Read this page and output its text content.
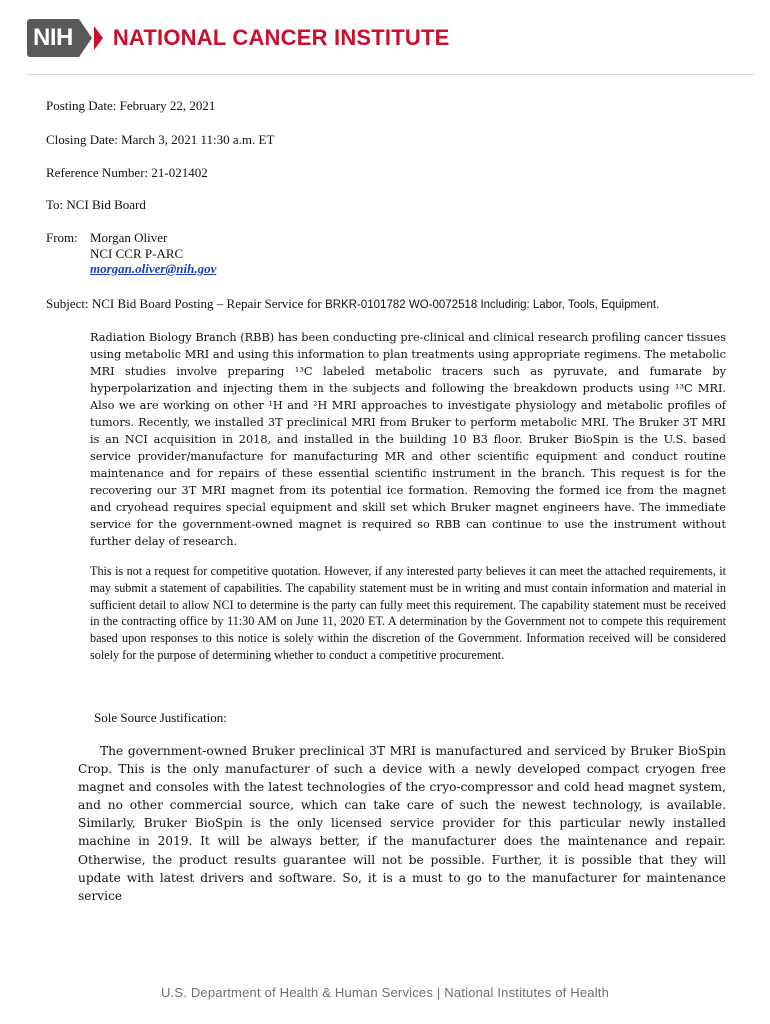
NIH NATIONAL CANCER INSTITUTE
Posting Date: February 22, 2021
Closing Date: March 3, 2021 11:30 a.m. ET
Reference Number: 21-021402
To: NCI Bid Board
From: Morgan Oliver
NCI CCR P-ARC
morgan.oliver@nih.gov
Subject: NCI Bid Board Posting – Repair Service for BRKR-0101782 WO-0072518 Including: Labor, Tools, Equipment.
Radiation Biology Branch (RBB) has been conducting pre-clinical and clinical research profiling cancer tissues using metabolic MRI and using this information to plan treatments using appropriate regimens. The metabolic MRI studies involve preparing ¹³C labeled metabolic tracers such as pyruvate, and fumarate by hyperpolarization and injecting them in the subjects and following the breakdown products using ¹³C MRI. Also we are working on other ¹H and ²H MRI approaches to investigate physiology and metabolic profiles of tumors. Recently, we installed 3T preclinical MRI from Bruker to perform metabolic MRI. The Bruker 3T MRI is an NCI acquisition in 2018, and installed in the building 10 B3 floor. Bruker BioSpin is the U.S. based service provider/manufacture for manufacturing MR and other scientific equipment and conduct routine maintenance and for repairs of these essential scientific instrument in the branch. This request is for the recovering our 3T MRI magnet from its potential ice formation. Removing the formed ice from the magnet and cryohead requires special equipment and skill set which Bruker magnet engineers have. The immediate service for the government-owned magnet is required so RBB can continue to use the instrument without further delay of research.
This is not a request for competitive quotation. However, if any interested party believes it can meet the attached requirements, it may submit a statement of capabilities. The capability statement must be in writing and must contain information and material in sufficient detail to allow NCI to determine is the party can fully meet this requirement. The capability statement must be received in the contracting office by 11:30 AM on June 11, 2020 ET. A determination by the Government not to compete this requirement based upon responses to this notice is solely within the discretion of the Government. Information received will be considered solely for the purpose of determining whether to conduct a competitive procurement.
Sole Source Justification:
The government-owned Bruker preclinical 3T MRI is manufactured and serviced by Bruker BioSpin Crop. This is the only manufacturer of such a device with a newly developed compact cryogen free magnet and consoles with the latest technologies of the cryo-compressor and cold head magnet system, and no other commercial source, which can take care of such the newest technology, is available. Similarly, Bruker BioSpin is the only licensed service provider for this particular newly installed machine in 2019. It will be always better, if the manufacturer does the maintenance and repair. Otherwise, the product results guarantee will not be possible. Further, it is possible that they will update with latest drivers and software. So, it is a must to go to the manufacturer for maintenance service
U.S. Department of Health & Human Services | National Institutes of Health
